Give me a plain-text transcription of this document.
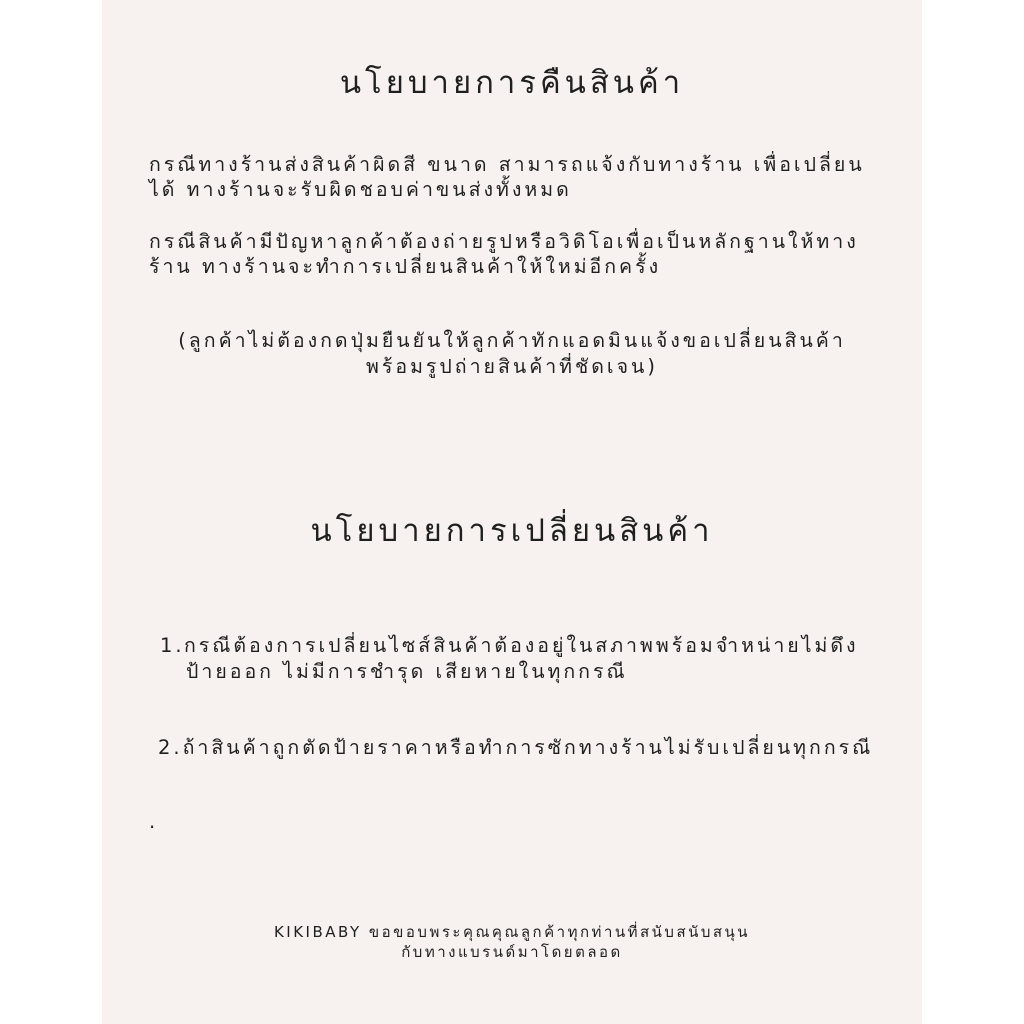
นโยบายการคืนสินค้า

กรณีทางร้านส่งสินค้าผิดสี ขนาด สามารถแจ้งกับทางร้าน เพื่อเปลี่ยน
ได้ ทางร้านจะรับผิดชอบค่าขนส่งทั้งหมด

กรณีสินค้ามีปัญหาลูกค้าต้องถ่ายรูปหรือวิดิโอเพื่อเป็นหลักฐานให้ทาง
ร้าน ทางร้านจะทำการเปลี่ยนสินค้าให้ใหม่อีกครั้ง

(ลูกค้าไม่ต้องกดปุ่มยืนยันให้ลูกค้าทักแอดมินแจ้งขอเปลี่ยนสินค้า
พร้อมรูปถ่ายสินค้าที่ชัดเจน)

นโยบายการเปลี่ยนสินค้า

1.กรณีต้องการเปลี่ยนไซส์สินค้าต้องอยู่ในสภาพพร้อมจำหน่ายไม่ดึง
ป้ายออก ไม่มีการชำรุด เสียหายในทุกกรณี

2.ถ้าสินค้าถูกตัดป้ายราคาหรือทำการซักทางร้านไม่รับเปลี่ยนทุกกรณี

.

KIKIBABY ขอขอบพระคุณคุณลูกค้าทุกท่านที่สนับสนับสนุน
กับทางแบรนด์มาโดยตลอด
